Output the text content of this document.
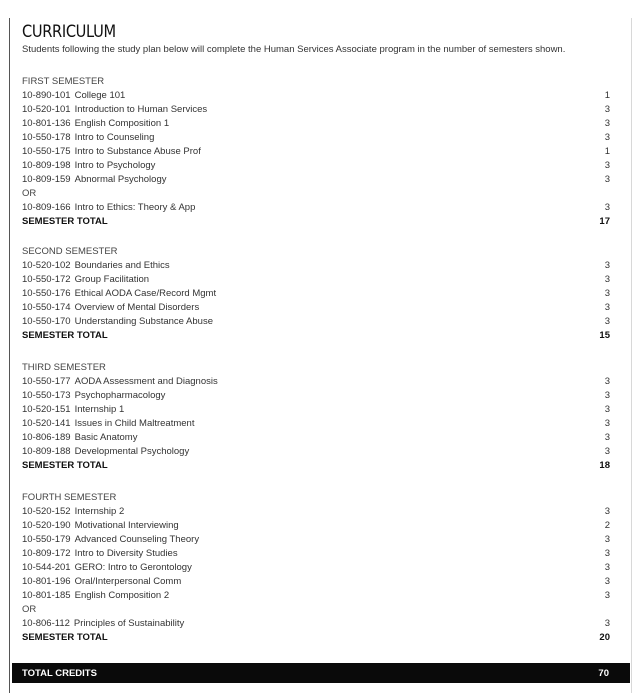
CURRICULUM
Students following the study plan below will complete the Human Services Associate program in the number of semesters shown.
FIRST SEMESTER
10-890-101 College 101	1
10-520-101 Introduction to Human Services	3
10-801-136 English Composition 1	3
10-550-178 Intro to Counseling	3
10-550-175 Intro to Substance Abuse Prof	1
10-809-198 Intro to Psychology	3
10-809-159 Abnormal Psychology	3
OR
10-809-166 Intro to Ethics: Theory & App	3
SEMESTER TOTAL	17
SECOND SEMESTER
10-520-102 Boundaries and Ethics	3
10-550-172 Group Facilitation	3
10-550-176 Ethical AODA Case/Record Mgmt	3
10-550-174 Overview of Mental Disorders	3
10-550-170 Understanding Substance Abuse	3
SEMESTER TOTAL	15
THIRD SEMESTER
10-550-177 AODA Assessment and Diagnosis	3
10-550-173 Psychopharmacology	3
10-520-151 Internship 1	3
10-520-141 Issues in Child Maltreatment	3
10-806-189 Basic Anatomy	3
10-809-188 Developmental Psychology	3
SEMESTER TOTAL	18
FOURTH SEMESTER
10-520-152 Internship 2	3
10-520-190 Motivational Interviewing	2
10-550-179 Advanced Counseling Theory	3
10-809-172 Intro to Diversity Studies	3
10-544-201 GERO: Intro to Gerontology	3
10-801-196 Oral/Interpersonal Comm	3
10-801-185 English Composition 2	3
OR
10-806-112 Principles of Sustainability	3
SEMESTER TOTAL	20
TOTAL CREDITS	70
